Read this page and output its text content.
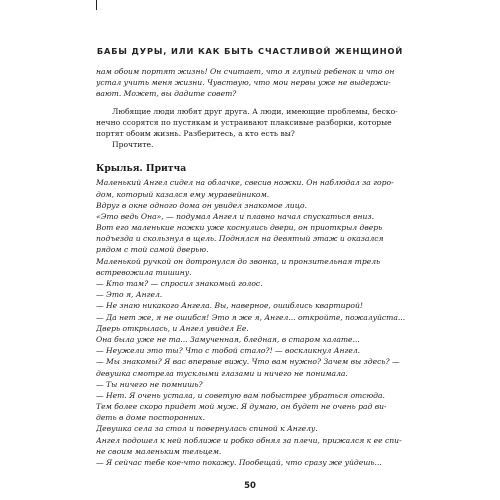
БАБЫ ДУРЫ, ИЛИ КАК БЫТЬ СЧАСТЛИВОЙ ЖЕНЩИНОЙ
нам обоим портят жизнь! Он считает, что я глупый ребенок и что он
устал учить меня жизни. Чувствую, что мои нервы уже не выдержи-
вают. Может, вы дадите совет?
Любящие люди любят друг друга. А люди, имеющие проблемы, беско-
нечно ссорятся по пустякам и устраивают плаксивые разборки, которые
портят обоим жизнь. Разберитесь, а кто есть вы?
Прочтите.
Крылья. Притча
Маленький Ангел сидел на облачке, свесив ножки. Он наблюдал за горо-
дом, который казался ему муравейником.
Вдруг в окне одного дома он увидел знакомое лицо.
«Это ведь Она», — подумал Ангел и плавно начал спускаться вниз.
Вот его маленькие ножки уже коснулись двери, он приоткрыл дверь
подъезда и скользнул в щель. Поднялся на девятый этаж и оказался
рядом с той самой дверью.
Маленькой ручкой он дотронулся до звонка, и пронзительная трель
встревожила тишину.
— Кто там? — спросил знакомый голос.
— Это я, Ангел.
— Не знаю никакого Ангела. Вы, наверное, ошиблись квартирой!
— Да нет же, я не ошибся! Это я же я, Ангел... откройте, пожалуйста...
Дверь открылась, и Ангел увидел Ее.
Она была уже не та... Замученная, бледная, в старом халате...
— Неужели это ты? Что с тобой стало?! — воскликнул Ангел.
— Мы знакомы? Я вас впервые вижу. Что вам нужно? Зачем вы здесь? —
девушка смотрела тусклыми глазами и ничего не понимала.
— Ты ничего не помнишь?
— Нет. Я очень устала, и советую вам побыстрее убраться отсюда.
Тем более скоро придет мой муж. Я думаю, он будет не очень рад ви-
деть в доме посторонних.
Девушка села за стол и повернулась спиной к Ангелу.
Ангел подошел к ней поближе и робко обнял за плечи, прижался к ее спи-
не своим маленьким тельцем.
— Я сейчас тебе кое-что покажу. Пообещай, что сразу же уйдешь...
50
